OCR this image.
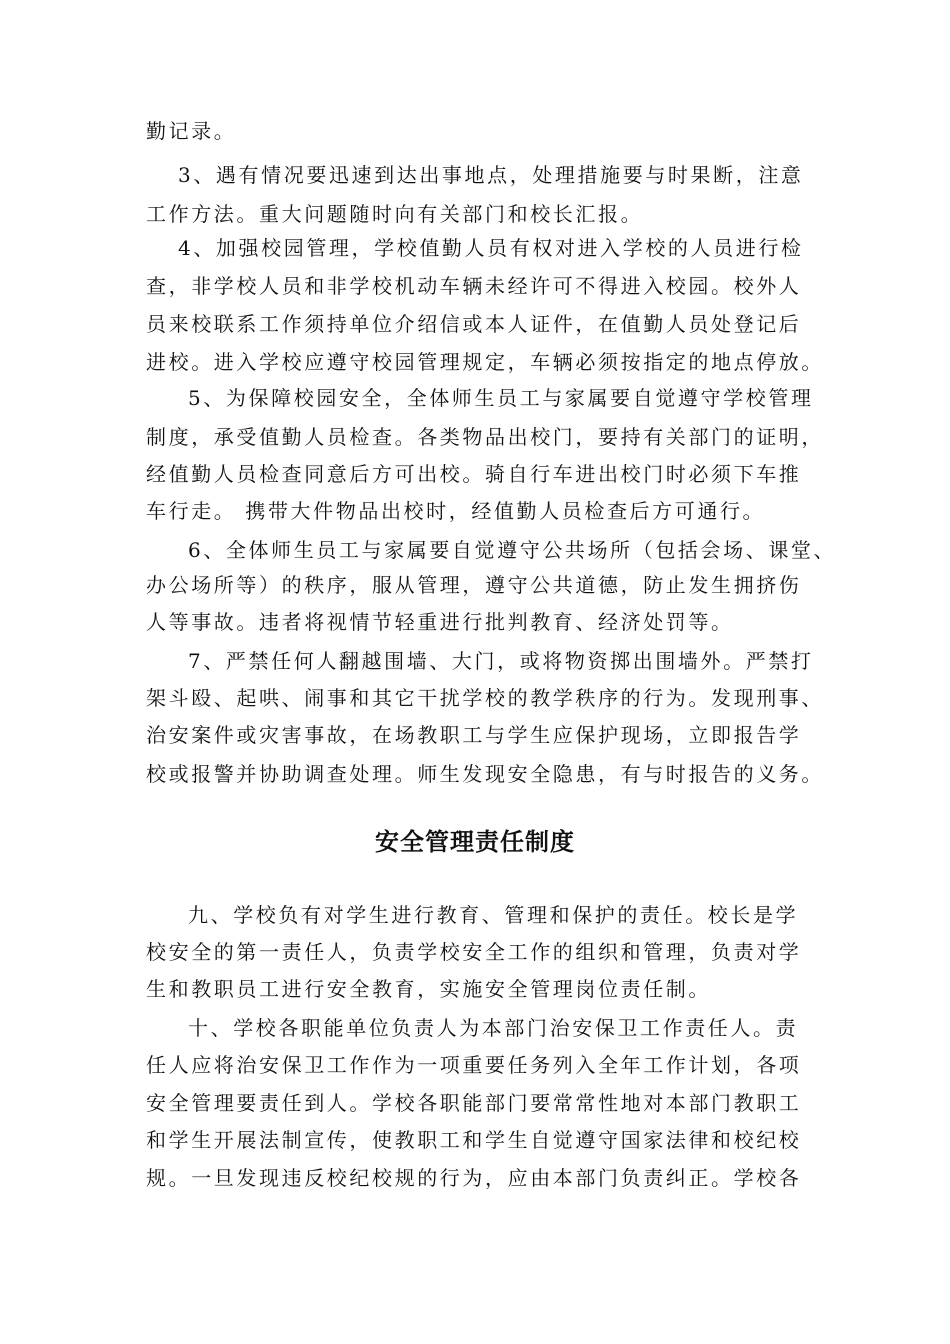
勤记录。
3、遇有情况要迅速到达出事地点，处理措施要与时果断，注意
工作方法。重大问题随时向有关部门和校长汇报。
4、加强校园管理，学校值勤人员有权对进入学校的人员进行检
查，非学校人员和非学校机动车辆未经许可不得进入校园。校外人
员来校联系工作须持单位介绍信或本人证件，在值勤人员处登记后
进校。进入学校应遵守校园管理规定，车辆必须按指定的地点停放。
5、为保障校园安全，全体师生员工与家属要自觉遵守学校管理
制度，承受值勤人员检查。各类物品出校门，要持有关部门的证明，
经值勤人员检查同意后方可出校。骑自行车进出校门时必须下车推
车行走。 携带大件物品出校时，经值勤人员检查后方可通行。
6、全体师生员工与家属要自觉遵守公共场所（包括会场、课堂、
办公场所等）的秩序，服从管理，遵守公共道德，防止发生拥挤伤
人等事故。违者将视情节轻重进行批判教育、经济处罚等。
7、严禁任何人翻越围墙、大门，或将物资掷出围墙外。严禁打
架斗殴、起哄、闹事和其它干扰学校的教学秩序的行为。发现刑事、
治安案件或灾害事故，在场教职工与学生应保护现场，立即报告学
校或报警并协助调查处理。师生发现安全隐患，有与时报告的义务。
安全管理责任制度
九、学校负有对学生进行教育、管理和保护的责任。校长是学
校安全的第一责任人，负责学校安全工作的组织和管理，负责对学
生和教职员工进行安全教育，实施安全管理岗位责任制。
十、学校各职能单位负责人为本部门治安保卫工作责任人。责
任人应将治安保卫工作作为一项重要任务列入全年工作计划，各项
安全管理要责任到人。学校各职能部门要常常性地对本部门教职工
和学生开展法制宣传，使教职工和学生自觉遵守国家法律和校纪校
规。一旦发现违反校纪校规的行为，应由本部门负责纠正。学校各
